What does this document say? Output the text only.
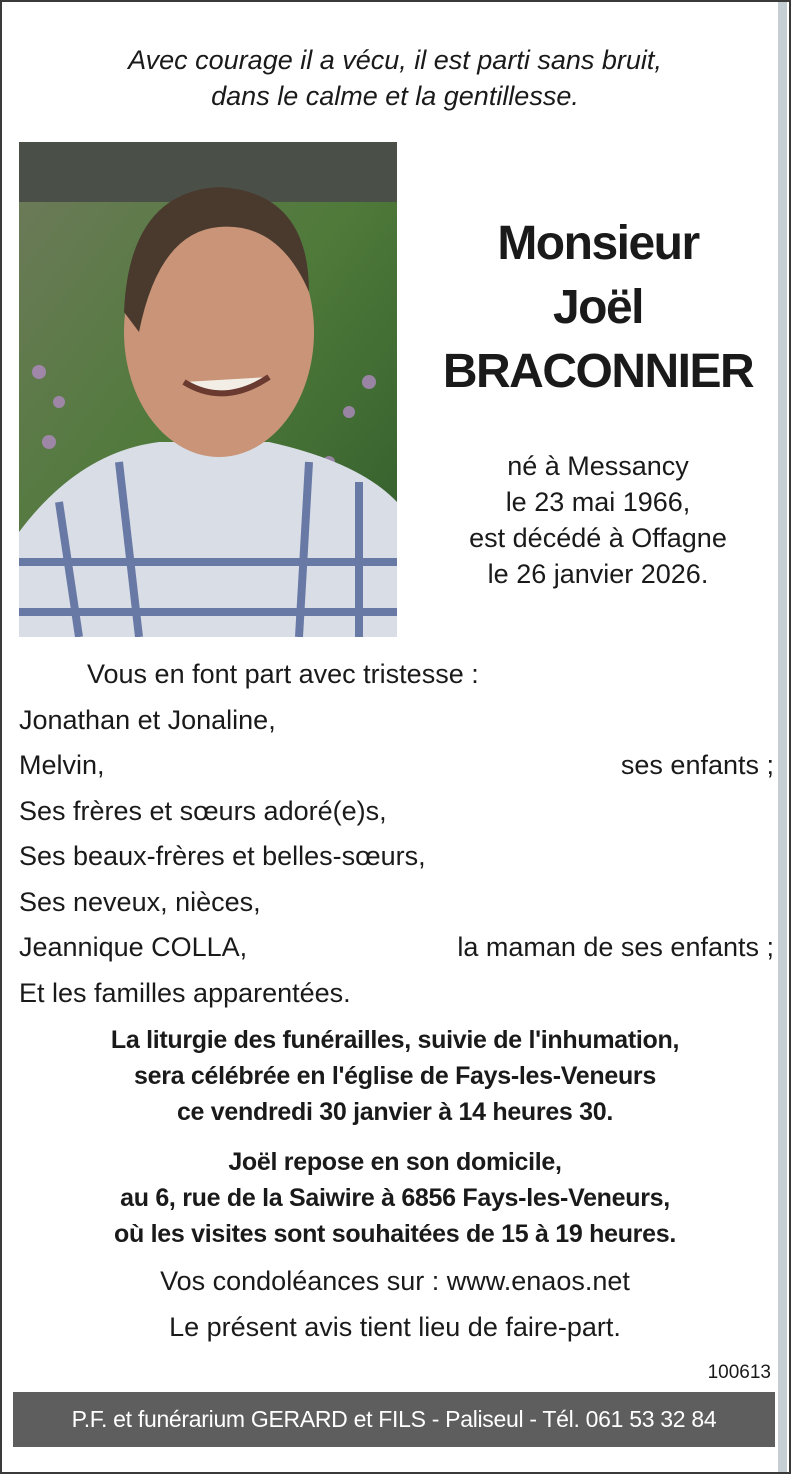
Avec courage il a vécu, il est parti sans bruit,
dans le calme et la gentillesse.
Monsieur
Joël
BRACONNIER
né à Messancy
le 23 mai 1966,
est décédé à Offagne
le 26 janvier 2026.
Vous en font part avec tristesse :
Jonathan et Jonaline,
Melvin,	ses enfants ;
Ses frères et sœurs adoré(e)s,
Ses beaux-frères et belles-sœurs,
Ses neveux, nièces,
Jeannique COLLA,	la maman de ses enfants ;
Et les familles apparentées.
La liturgie des funérailles, suivie de l'inhumation,
sera célébrée en l'église de Fays-les-Veneurs
ce vendredi 30 janvier à 14 heures 30.
Joël repose en son domicile,
au 6, rue de la Saiwire à 6856 Fays-les-Veneurs,
où les visites sont souhaitées de 15 à 19 heures.
Vos condoléances sur : www.enaos.net
Le présent avis tient lieu de faire-part.
100613
P.F. et funérarium GERARD et FILS - Paliseul - Tél. 061 53 32 84
